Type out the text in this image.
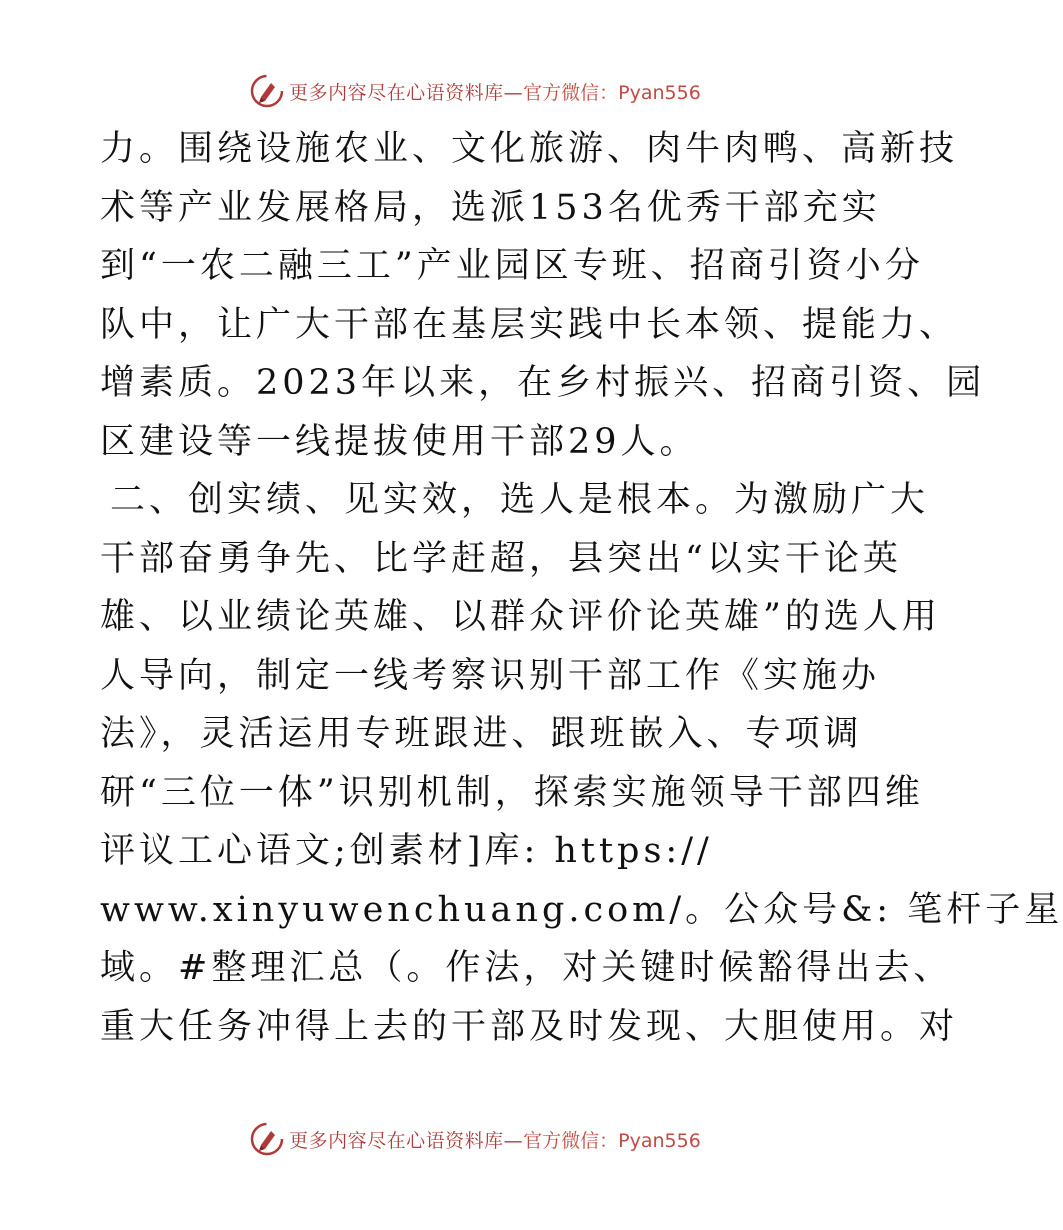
更多内容尽在心语资料库— 官方微信：Pyan556
力。围绕设施农业、文化旅游、肉牛肉鸭、高新技
术等产业发展格局，选派153名优秀干部充实
到“一农二融三工”产业园区专班、招商引资小分
队中，让广大干部在基层实践中长本领、提能力、
增素质。2023年以来，在乡村振兴、招商引资、园
区建设等一线提拔使用干部29人。
二、创实绩、见实效，选人是根本。为激励广大
干部奋勇争先、比学赶超，县突出“以实干论英
雄、以业绩论英雄、以群众评价论英雄”的选人用
人导向，制定一线考察识别干部工作《实施办
法》，灵活运用专班跟进、跟班嵌入、专项调
研“三位一体”识别机制，探索实施领导干部四维
评议工心语文;创素材]库: https://
www.xinyuwenchuang.com/。公众号&: 笔杆子星
域。#整理汇总（。作法，对关键时候豁得出去、
重大任务冲得上去的干部及时发现、大胆使用。对
更多内容尽在心语资料库— 官方微信：Pyan556
